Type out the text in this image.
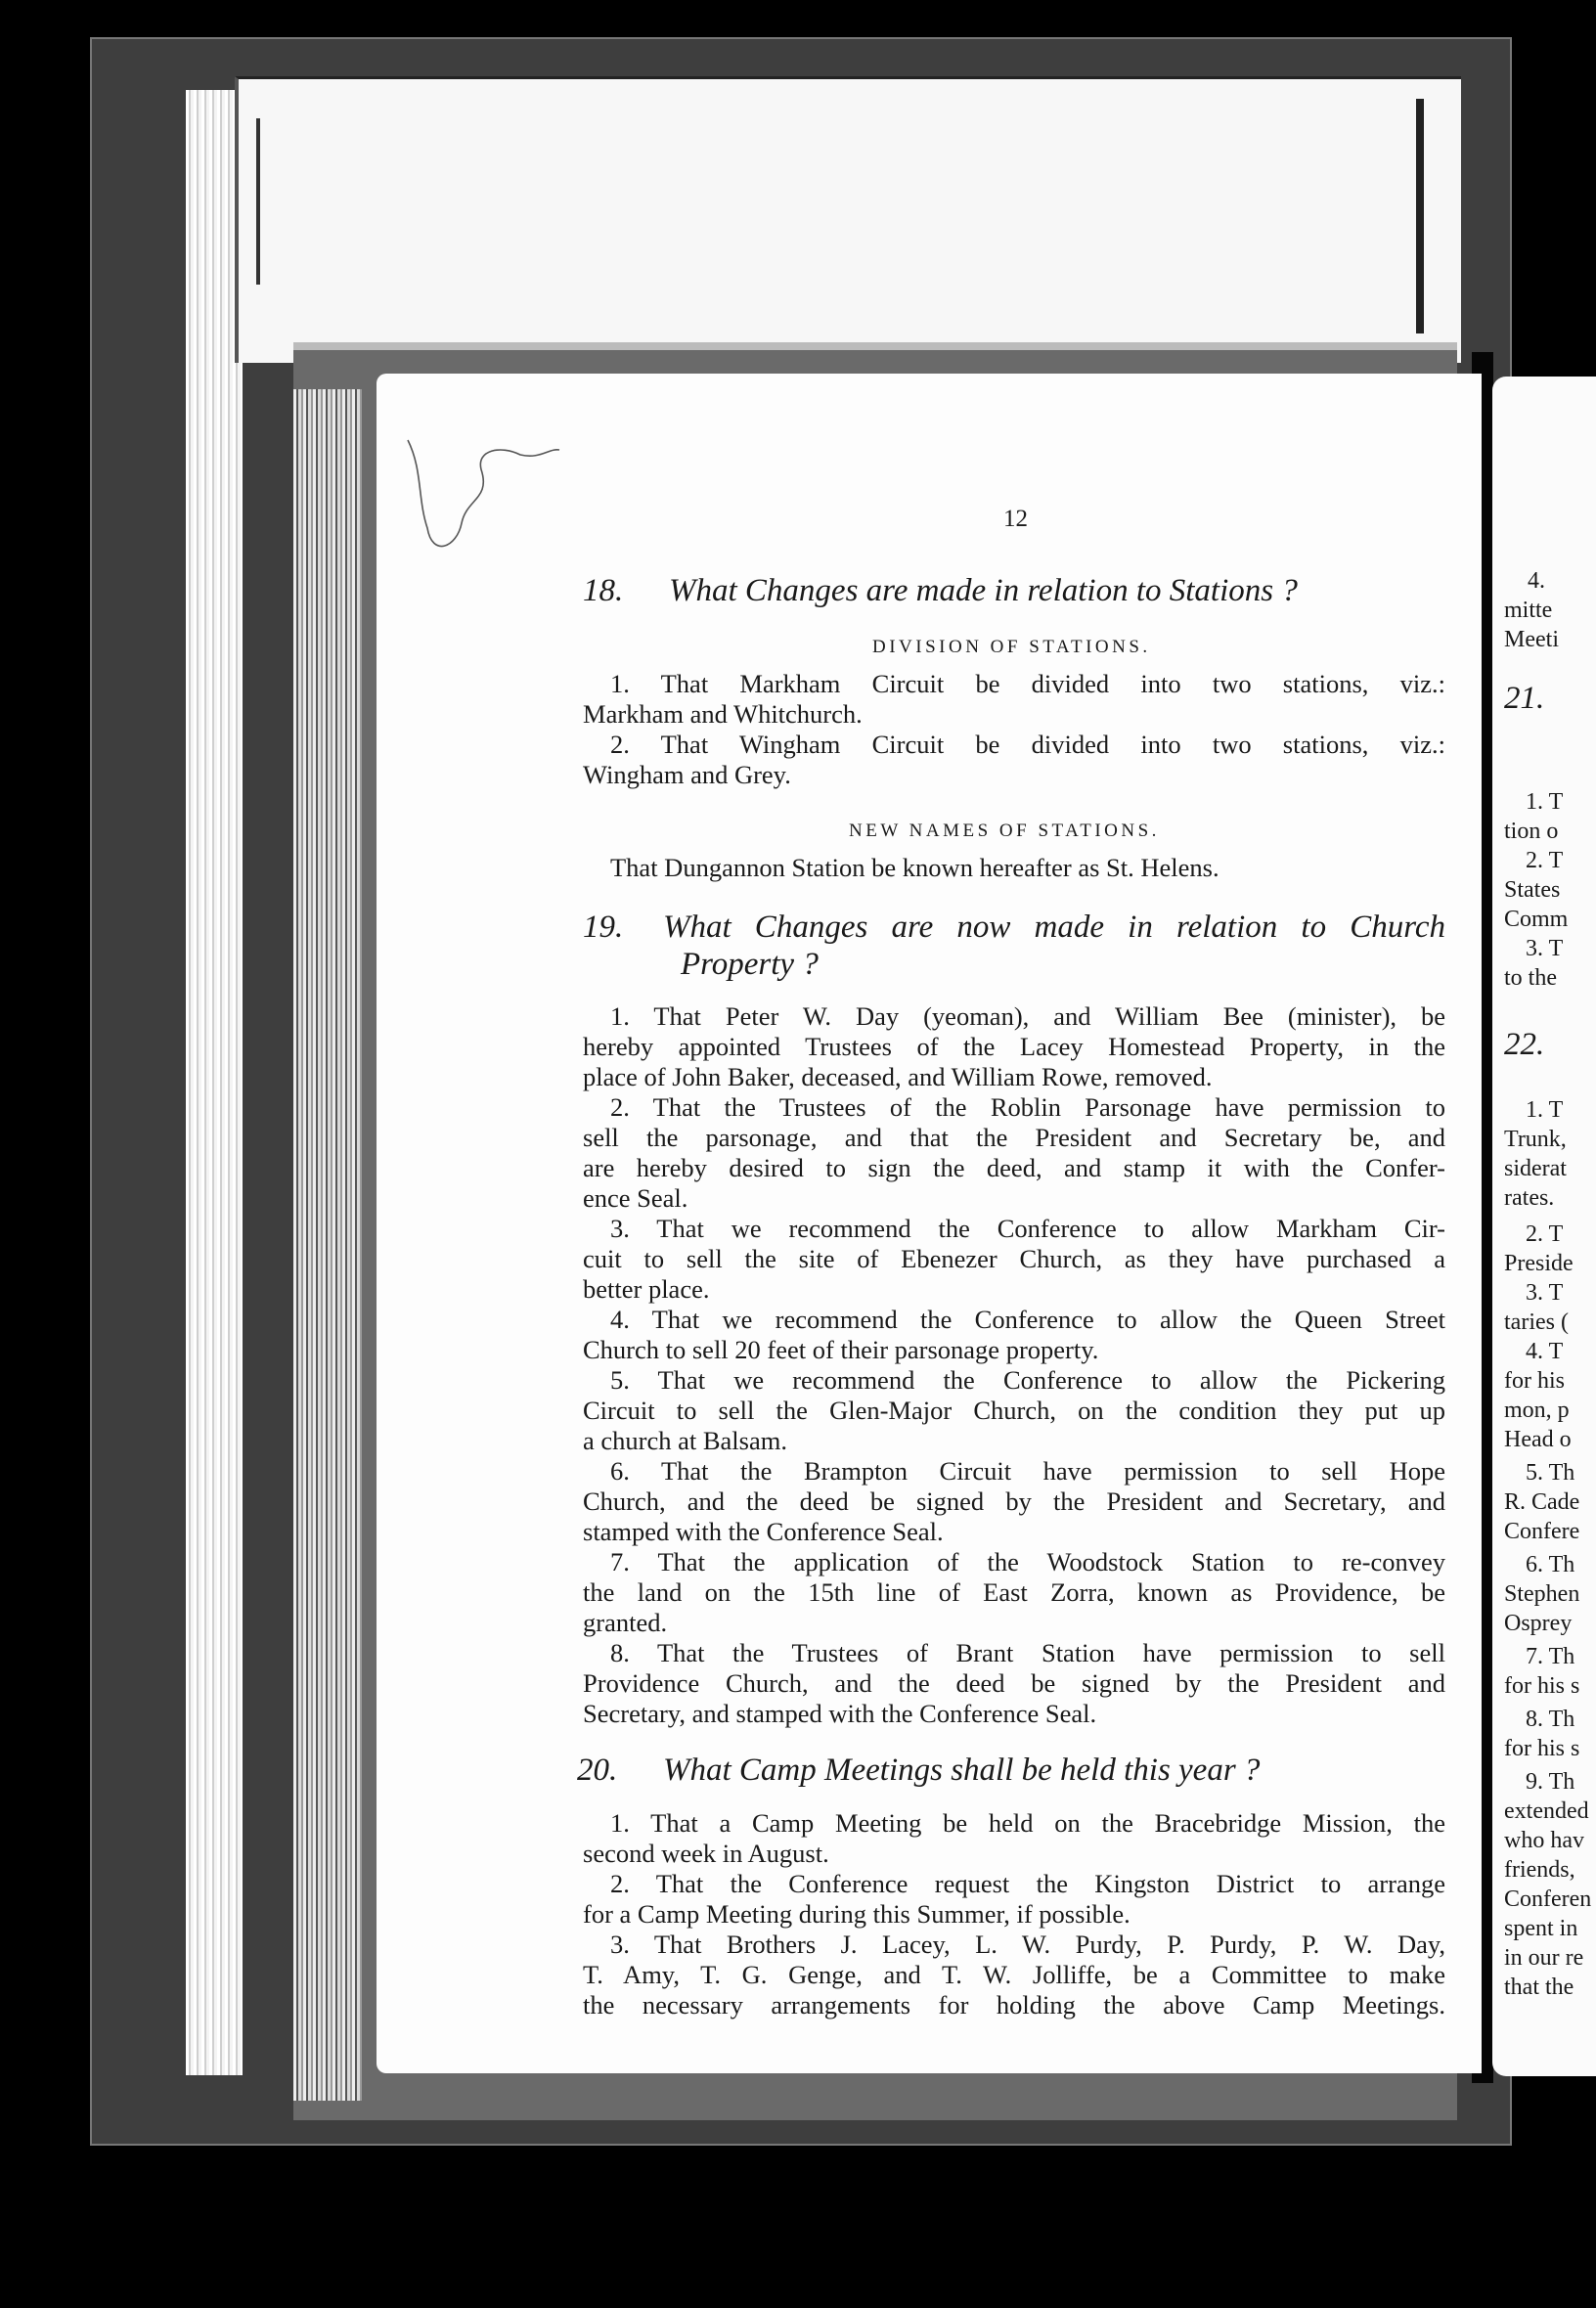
12
18. What Changes are made in relation to Stations ?
DIVISION OF STATIONS.
1. That Markham Circuit be divided into two stations, viz.:
Markham and Whitchurch.
2. That Wingham Circuit be divided into two stations, viz.:
Wingham and Grey.
NEW NAMES OF STATIONS.
That Dungannon Station be known hereafter as St. Helens.
19. What Changes are now made in relation to Church
Property ?
1. That Peter W. Day (yeoman), and William Bee (minister), be
hereby appointed Trustees of the Lacey Homestead Property, in the
place of John Baker, deceased, and William Rowe, removed.
2. That the Trustees of the Roblin Parsonage have permission to
sell the parsonage, and that the President and Secretary be, and
are hereby desired to sign the deed, and stamp it with the Confer-
ence Seal.
3. That we recommend the Conference to allow Markham Cir-
cuit to sell the site of Ebenezer Church, as they have purchased a
better place.
4. That we recommend the Conference to allow the Queen Street
Church to sell 20 feet of their parsonage property.
5. That we recommend the Conference to allow the Pickering
Circuit to sell the Glen-Major Church, on the condition they put up
a church at Balsam.
6. That the Brampton Circuit have permission to sell Hope
Church, and the deed be signed by the President and Secretary, and
stamped with the Conference Seal.
7. That the application of the Woodstock Station to re-convey
the land on the 15th line of East Zorra, known as Providence, be
granted.
8. That the Trustees of Brant Station have permission to sell
Providence Church, and the deed be signed by the President and
Secretary, and stamped with the Conference Seal.
20. What Camp Meetings shall be held this year ?
1. That a Camp Meeting be held on the Bracebridge Mission, the
second week in August.
2. That the Conference request the Kingston District to arrange
for a Camp Meeting during this Summer, if possible.
3. That Brothers J. Lacey, L. W. Purdy, P. Purdy, P. W. Day,
T. Amy, T. G. Genge, and T. W. Jolliffe, be a Committee to make
the necessary arrangements for holding the above Camp Meetings.
4.
mitte
Meeti
21.
1. T
tion o
2. T
States
Comm
3. T
to the
22.
1. T
Trunk,
siderat
rates.
2. T
Preside
3. T
taries (
4. T
for his
mon, p
Head o
5. Th
R. Cade
Confere
6. Th
Stephen
Osprey
7. Th
for his s
8. Th
for his s
9. Th
extended
who hav
friends,
Conferen
spent in
in our re
that the
